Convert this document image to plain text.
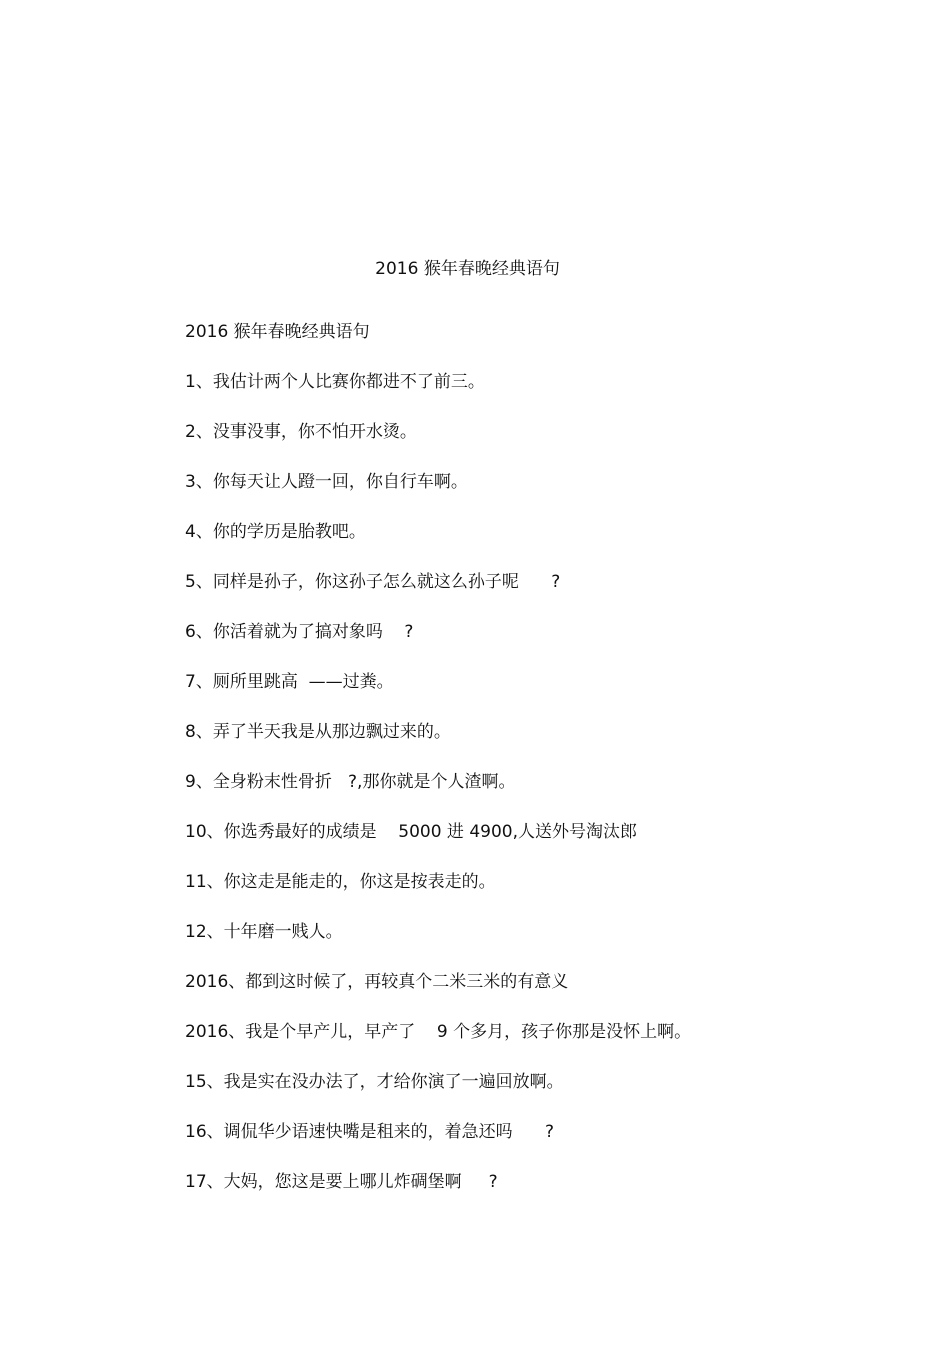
2016 猴年春晚经典语句
2016 猴年春晚经典语句
1、我估计两个人比赛你都进不了前三。
2、没事没事，你不怕开水烫。
3、你每天让人蹬一回，你自行车啊。
4、你的学历是胎教吧。
5、同样是孙子，你这孙子怎么就这么孙子呢      ?
6、你活着就为了搞对象吗    ?
7、厕所里跳高  ——过粪。
8、弄了半天我是从那边飘过来的。
9、全身粉末性骨折   ?,那你就是个人渣啊。
10、你选秀最好的成绩是    5000 进 4900,人送外号淘汰郎
11、你这走是能走的，你这是按表走的。
12、十年磨一贱人。
2016、都到这时候了，再较真个二米三米的有意义
2016、我是个早产儿，早产了    9 个多月，孩子你那是没怀上啊。
15、我是实在没办法了，才给你演了一遍回放啊。
16、调侃华少语速快嘴是租来的，着急还吗      ?
17、大妈，您这是要上哪儿炸碉堡啊     ?
